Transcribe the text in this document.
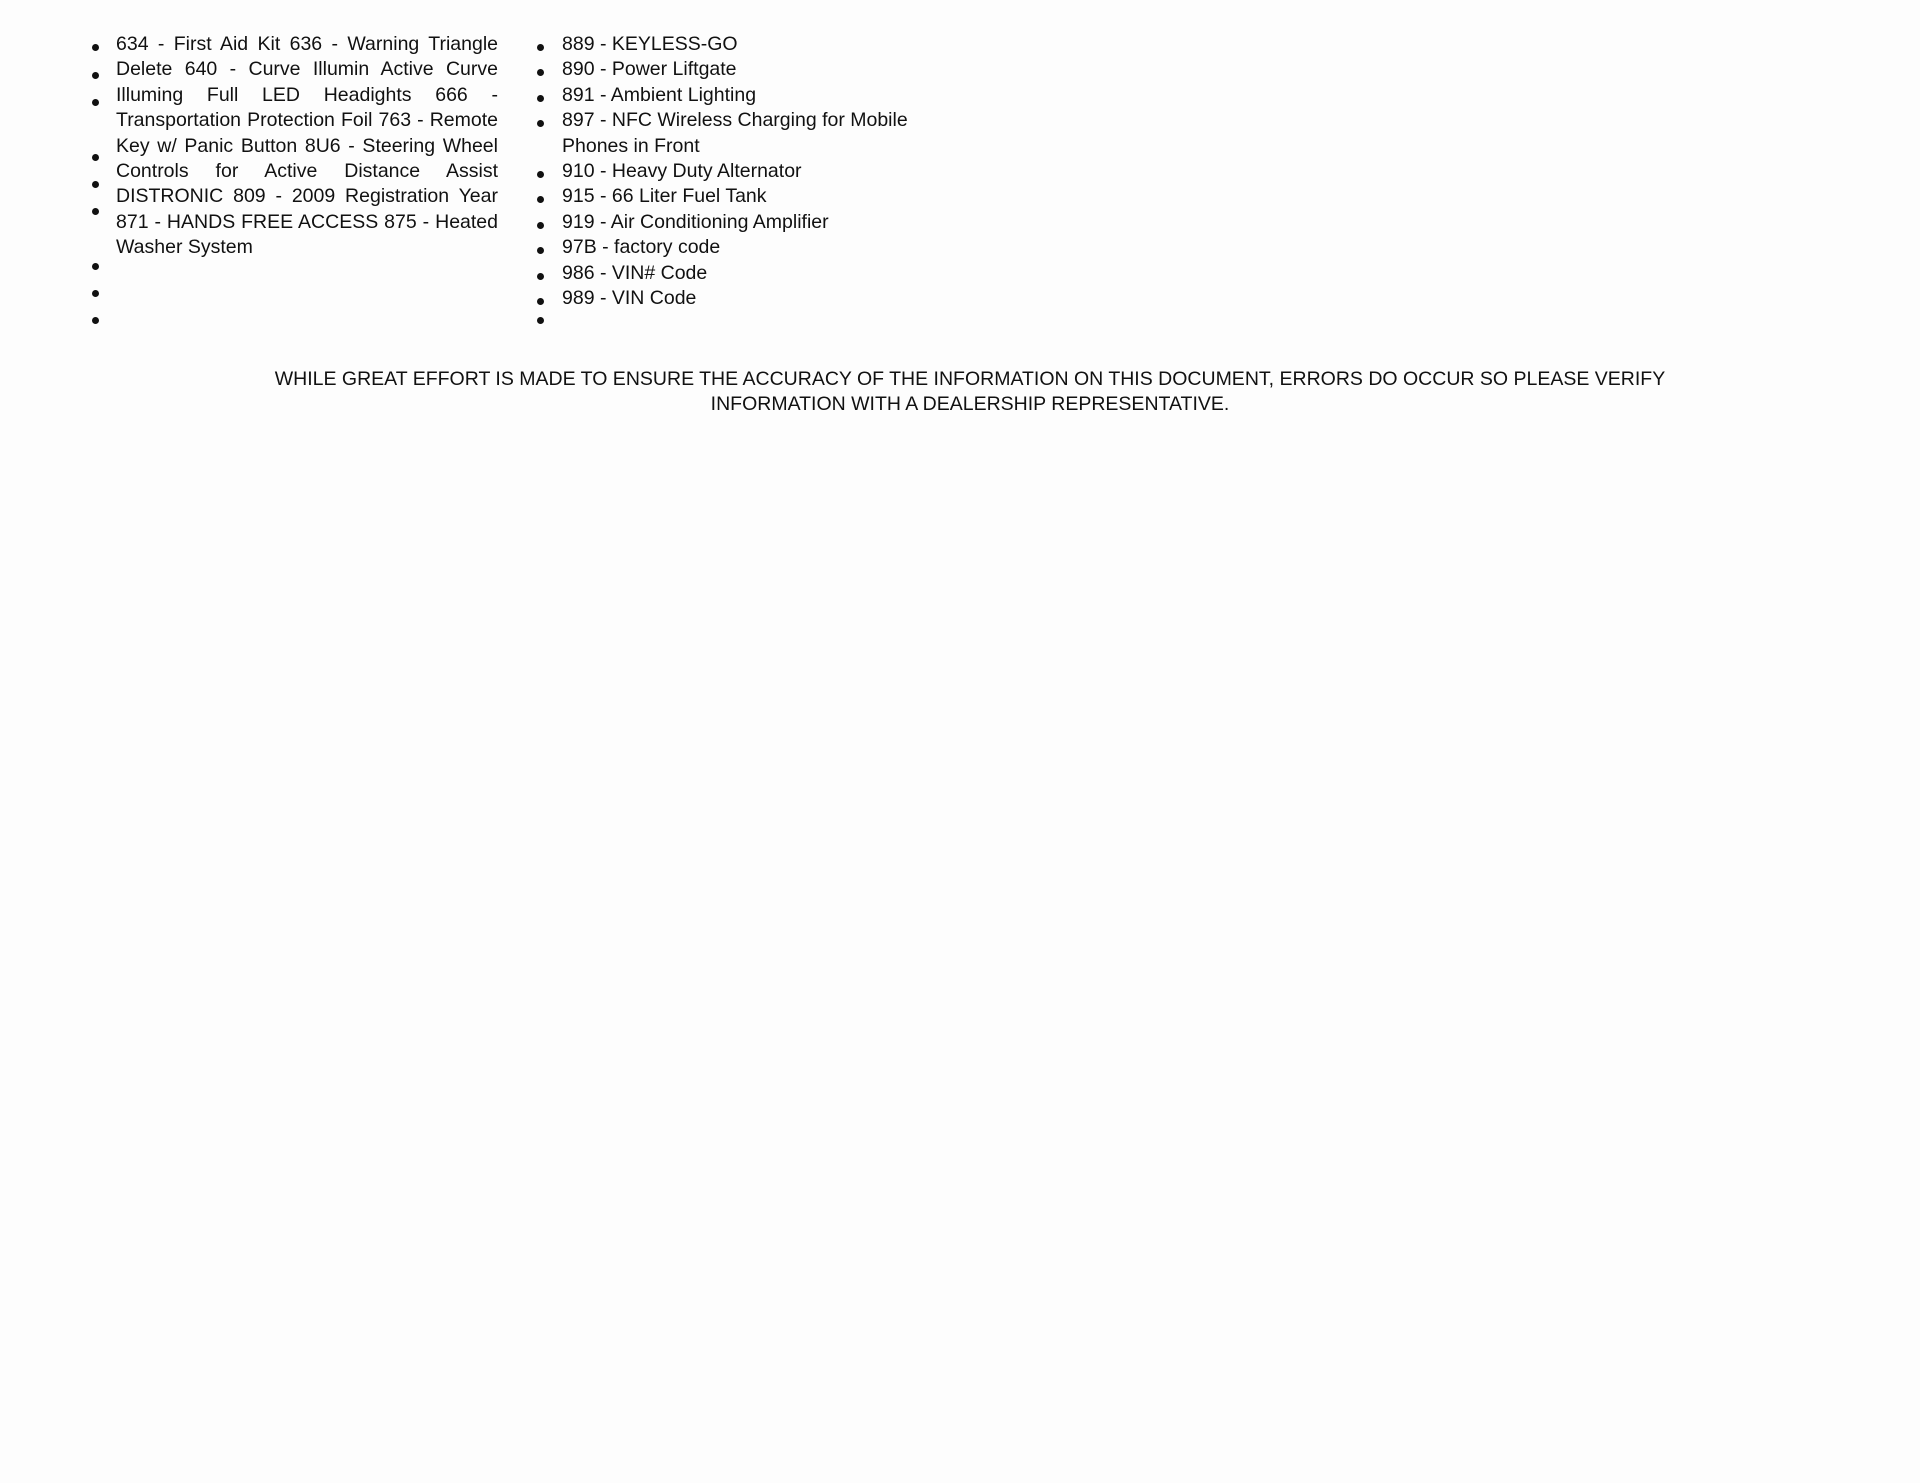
634 - First Aid Kit 636 - Warning Triangle Delete 640 - Curve Illumin Active Curve Illuming Full LED Headights 666 - Transportation Protection Foil 763 - Remote Key w/ Panic Button 8U6 - Steering Wheel Controls for Active Distance Assist DISTRONIC 809 - 2009 Registration Year 871 - HANDS FREE ACCESS 875 - Heated Washer System

889 - KEYLESS-GO
890 - Power Liftgate
891 - Ambient Lighting
897 - NFC Wireless Charging for Mobile Phones in Front
910 - Heavy Duty Alternator
915 - 66 Liter Fuel Tank
919 - Air Conditioning Amplifier
97B - factory code
986 - VIN# Code
989 - VIN Code

WHILE GREAT EFFORT IS MADE TO ENSURE THE ACCURACY OF THE INFORMATION ON THIS DOCUMENT, ERRORS DO OCCUR SO PLEASE VERIFY
INFORMATION WITH A DEALERSHIP REPRESENTATIVE.
